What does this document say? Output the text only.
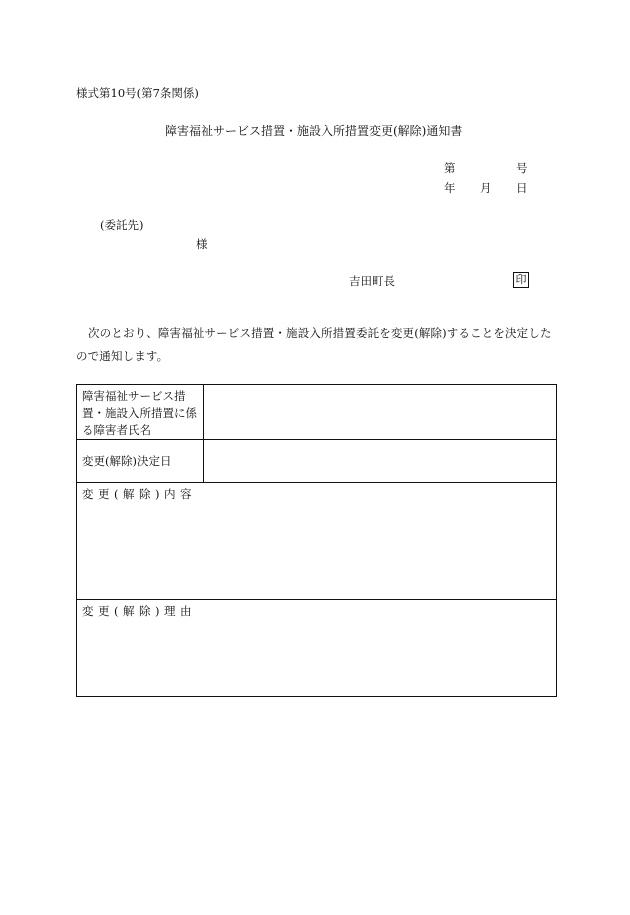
様式第10号(第7条関係)
障害福祉サービス措置・施設入所措置変更(解除)通知書
第	号
年 月 日
(委託先)
様
吉田町長	印
次のとおり、障害福祉サービス措置・施設入所措置委託を変更(解除)することを決定したので通知します。
障害福祉サービス措置・施設入所措置に係る障害者氏名	
変更(解除)決定日	
変更(解除)内容	
変更(解除)理由	
